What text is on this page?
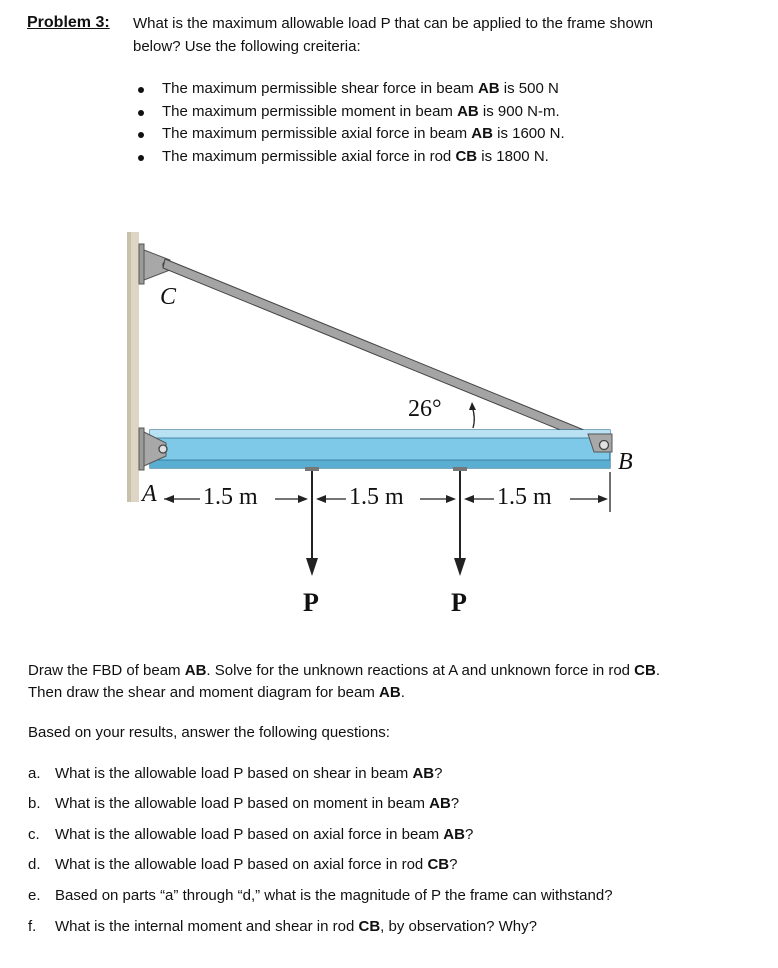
Problem 3: What is the maximum allowable load P that can be applied to the frame shown
below? Use the following creiteria:
The maximum permissible shear force in beam AB is 500 N
The maximum permissible moment in beam AB is 900 N-m.
The maximum permissible axial force in beam AB is 1600 N.
The maximum permissible axial force in rod CB is 1800 N.
C
A
B
26°
1.5 m	1.5 m	1.5 m
P	P
Draw the FBD of beam AB. Solve for the unknown reactions at A and unknown force in rod CB.
Then draw the shear and moment diagram for beam AB.
Based on your results, answer the following questions:
a. What is the allowable load P based on shear in beam AB?
b. What is the allowable load P based on moment in beam AB?
c. What is the allowable load P based on axial force in beam AB?
d. What is the allowable load P based on axial force in rod CB?
e. Based on parts “a” through “d,” what is the magnitude of P the frame can withstand?
f. What is the internal moment and shear in rod CB, by observation? Why?
